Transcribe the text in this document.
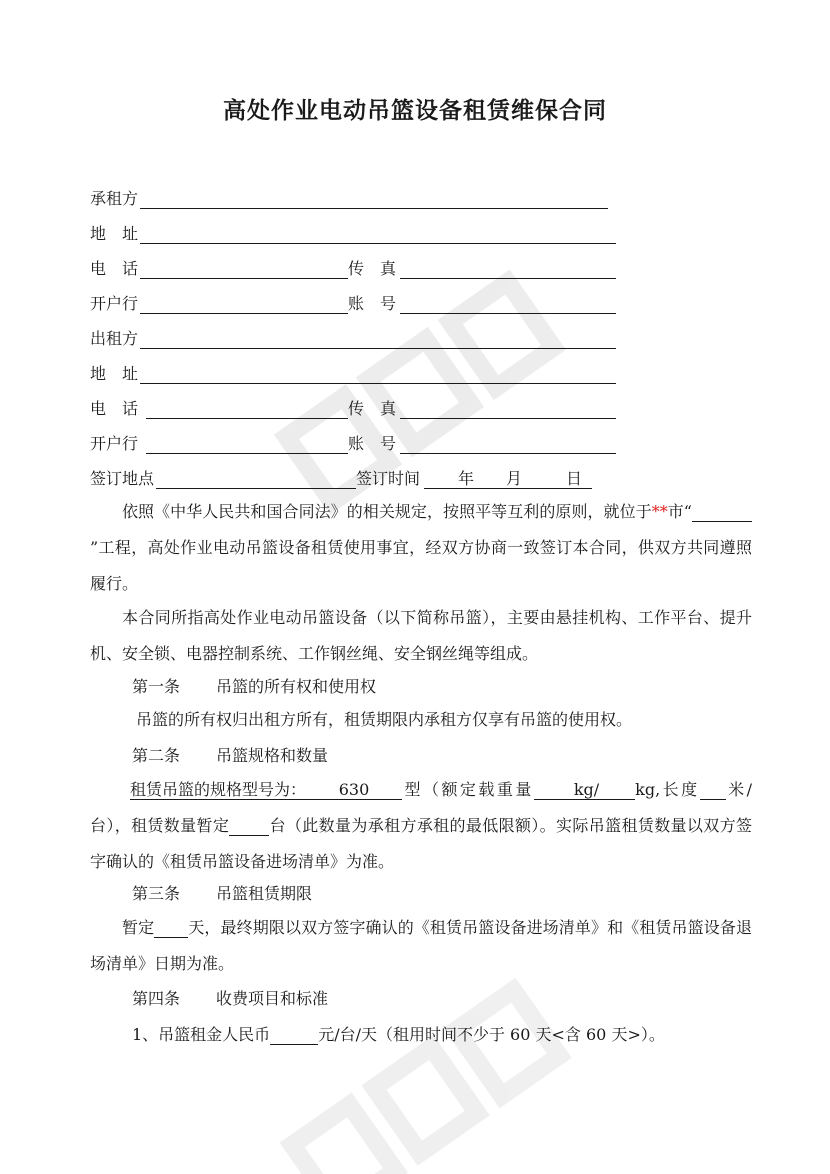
高处作业电动吊篮设备租赁维保合同
承租方
地　址
电　话	传　真
开户行	账　号
出租方
地　址
电　话	传　真
开户行	账　号
签订地点	签订时间 年 月	日
依照《中华人民共和国合同法》的相关规定，按照平等互利的原则，就位于**市“ ”工程，高处作业电动吊篮设备租赁使用事宜，经双方协商一致签订本合同，供双方共同遵照履行。
本合同所指高处作业电动吊篮设备（以下简称吊篮），主要由悬挂机构、工作平台、提升机、安全锁、电器控制系统、工作钢丝绳、安全钢丝绳等组成。
第一条 吊篮的所有权和使用权
吊篮的所有权归出租方所有，租赁期限内承租方仅享有吊篮的使用权。
第二条 吊篮规格和数量
租赁吊篮的规格型号为： 630 型（额定载重量	kg/ kg,长度 米/台），租赁数量暂定	台（此数量为承租方承租的最低限额）。实际吊篮租赁数量以双方签字确认的《租赁吊篮设备进场清单》为准。
第三条 吊篮租赁期限
暂定 天，最终期限以双方签字确认的《租赁吊篮设备进场清单》和《租赁吊篮设备退场清单》日期为准。
第四条 收费项目和标准
1、吊篮租金人民币	元/台/天（租用时间不少于 60 天<含 60 天>）。
